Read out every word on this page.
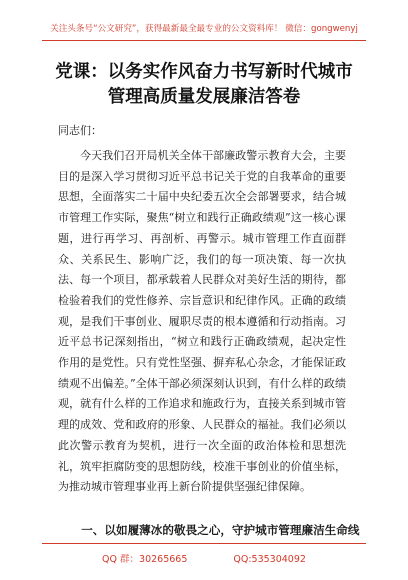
关注头条号“公文研究”，获得最新最全最专业的公文资料库！ 微信：gongwenyj
党课：以务实作风奋力书写新时代城市管理高质量发展廉洁答卷
同志们：

今天我们召开局机关全体干部廉政警示教育大会，主要目的是深入学习贯彻习近平总书记关于党的自我革命的重要思想，全面落实二十届中央纪委五次全会部署要求，结合城市管理工作实际，聚焦“树立和践行正确政绩观”这一核心课题，进行再学习、再剖析、再警示。城市管理工作直面群众、关系民生、影响广泛，我们的每一项决策、每一次执法、每一个项目，都承载着人民群众对美好生活的期待，都检验着我们的党性修养、宗旨意识和纪律作风。正确的政绩观，是我们干事创业、履职尽责的根本遵循和行动指南。习近平总书记深刻指出，“树立和践行正确政绩观，起决定性作用的是党性。只有党性坚强、摒弃私心杂念，才能保证政绩观不出偏差。”全体干部必须深刻认识到，有什么样的政绩观，就有什么样的工作追求和施政行为，直接关系到城市管理的成效、党和政府的形象、人民群众的福祉。我们必须以此次警示教育为契机，进行一次全面的政治体检和思想洗礼，筑牢拒腐防变的思想防线，校准干事创业的价值坐标，为推动城市管理事业再上新台阶提供坚强纪律保障。

一、以如履薄冰的敬畏之心，守护城市管理廉洁生命线
QQ 群：30265665	QQ:535304092
